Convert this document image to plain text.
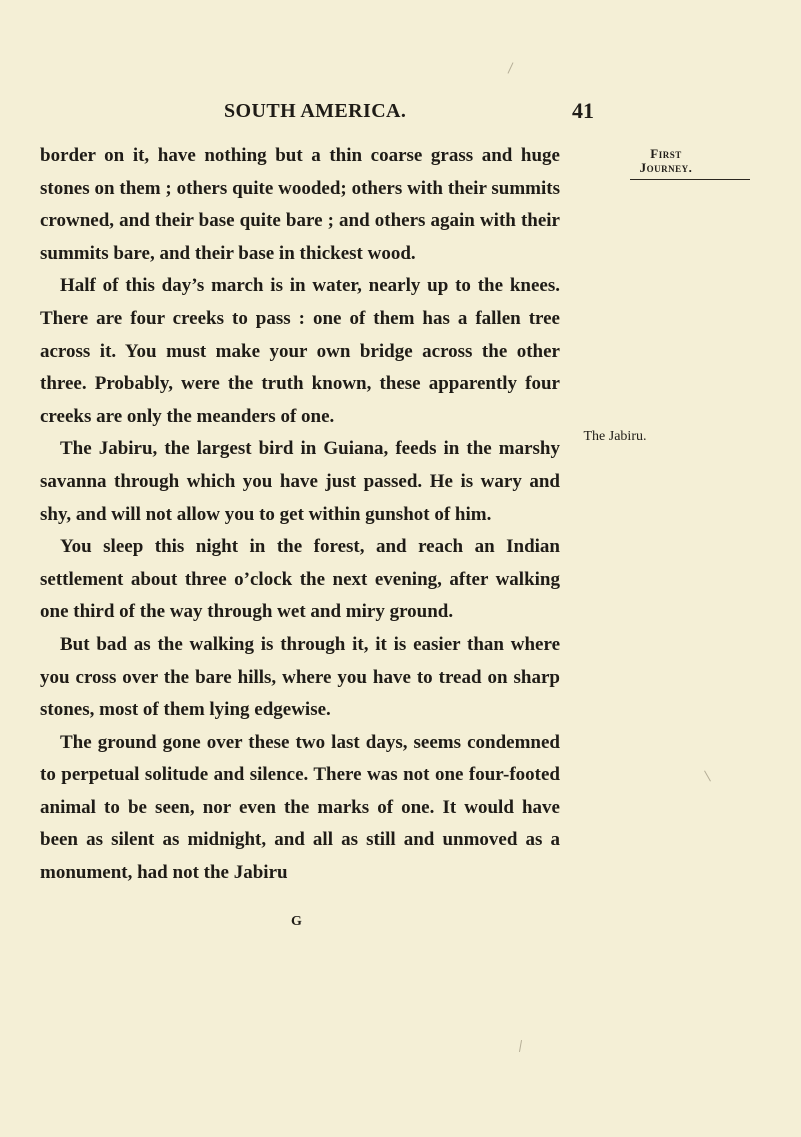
SOUTH AMERICA.	41
First
Journey.
The Jabiru.

border on it, have nothing but a thin coarse grass and huge stones on them ; others quite wooded; others with their summits crowned, and their base quite bare ; and others again with their summits bare, and their base in thickest wood.

Half of this day’s march is in water, nearly up to the knees. There are four creeks to pass : one of them has a fallen tree across it. You must make your own bridge across the other three. Probably, were the truth known, these apparently four creeks are only the meanders of one.

The Jabiru, the largest bird in Guiana, feeds in the marshy savanna through which you have just passed. He is wary and shy, and will not allow you to get within gunshot of him.

You sleep this night in the forest, and reach an Indian settlement about three o’clock the next evening, after walking one third of the way through wet and miry ground.

But bad as the walking is through it, it is easier than where you cross over the bare hills, where you have to tread on sharp stones, most of them lying edgewise.

The ground gone over these two last days, seems condemned to perpetual solitude and silence. There was not one four-footed animal to be seen, nor even the marks of one. It would have been as silent as midnight, and all as still and unmoved as a monument, had not the Jabiru

G
